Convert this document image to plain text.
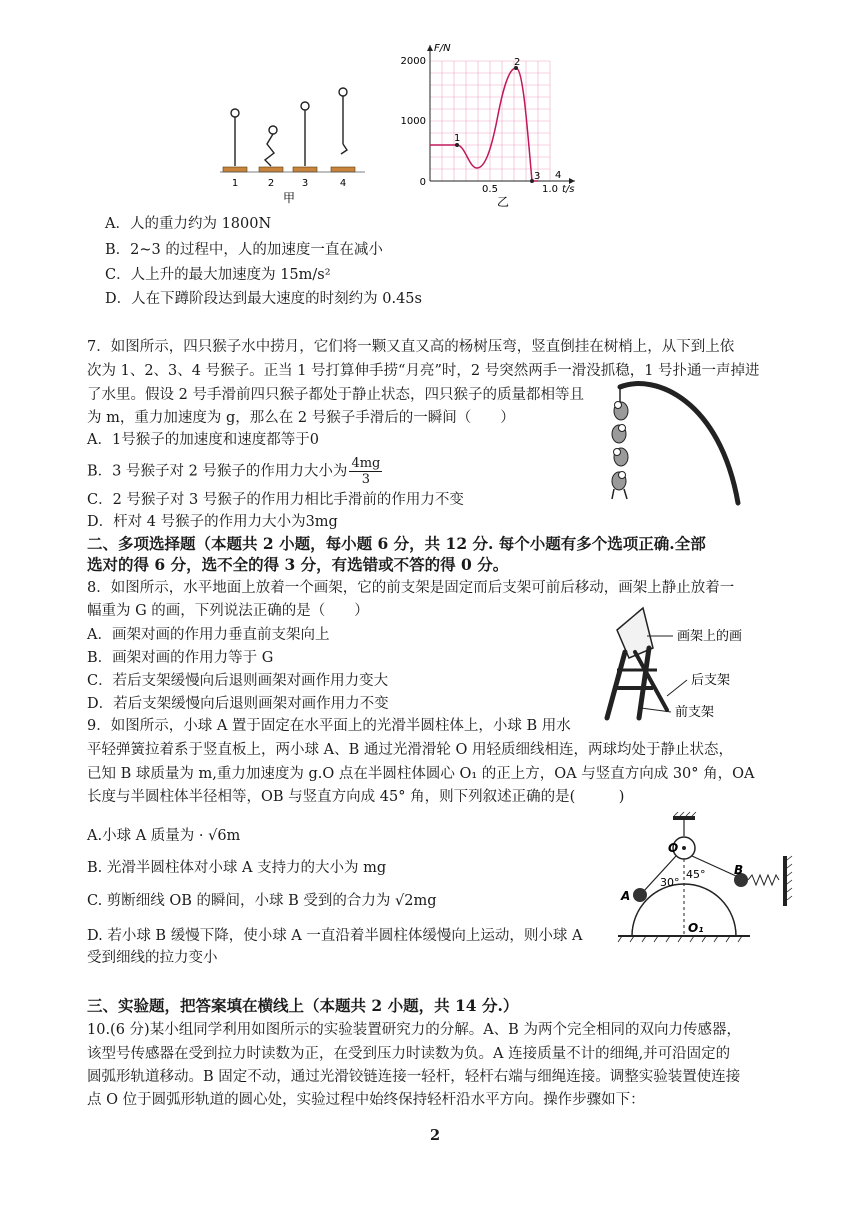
1	2	3	4
甲
F/N
2000
1000
0
0.5	1.0 t/s
1
2
3 4
乙
A．人的重力约为 1800N
B．2~3 的过程中，人的加速度一直在减小
C．人上升的最大加速度为 15m/s²
D．人在下蹲阶段达到最大速度的时刻约为 0.45s
7．如图所示，四只猴子水中捞月，它们将一颗又直又高的杨树压弯，竖直倒挂在树梢上，从下到上依
次为 1、2、3、4 号猴子。正当 1 号打算伸手捞“月亮”时，2 号突然两手一滑没抓稳，1 号扑通一声掉进
了水里。假设 2 号手滑前四只猴子都处于静止状态，四只猴子的质量都相等且
为 m，重力加速度为 g，那么在 2 号猴子手滑后的一瞬间（　　）
A．1号猴子的加速度和速度都等于0
B．3 号猴子对 2 号猴子的作用力大小为 $\frac{4mg}{3}$
C．2 号猴子对 3 号猴子的作用力相比手滑前的作用力不变
D．杆对 4 号猴子的作用力大小为3mg
二、多项选择题（本题共 2 小题，每小题 6 分，共 12 分. 每个小题有多个选项正确.全部
选对的得 6 分，选不全的得 3 分，有选错或不答的得 0 分。
8．如图所示，水平地面上放着一个画架，它的前支架是固定而后支架可前后移动，画架上静止放着一
幅重为 G 的画，下列说法正确的是（　　）
A．画架对画的作用力垂直前支架向上
B．画架对画的作用力等于 G
C．若后支架缓慢向后退则画架对画作用力变大
D．若后支架缓慢向后退则画架对画作用力不变
画架上的画
后支架
前支架
9．如图所示，小球 A 置于固定在水平面上的光滑半圆柱体上，小球 B 用水
平轻弹簧拉着系于竖直板上，两小球 A、B 通过光滑滑轮 O 用轻质细线相连，两球均处于静止状态，
已知 B 球质量为 m,重力加速度为 g.O 点在半圆柱体圆心 O₁ 的正上方，OA 与竖直方向成 30° 角，OA
长度与半圆柱体半径相等，OB 与竖直方向成 45° 角，则下列叙述正确的是(　　　)
A.小球 A 质量为 · √6m
B. 光滑半圆柱体对小球 A 支持力的大小为 mg
C. 剪断细线 OB 的瞬间，小球 B 受到的合力为 √2mg
D. 若小球 B 缓慢下降，使小球 A 一直沿着半圆柱体缓慢向上运动，则小球 A
受到细线的拉力变小
O
30°
45°
A
B
O₁
三、实验题，把答案填在横线上（本题共 2 小题，共 14 分.）
10.(6 分)某小组同学利用如图所示的实验装置研究力的分解。A、B 为两个完全相同的双向力传感器，
该型号传感器在受到拉力时读数为正，在受到压力时读数为负。A 连接质量不计的细绳,并可沿固定的
圆弧形轨道移动。B 固定不动，通过光滑铰链连接一轻杆，轻杆右端与细绳连接。调整实验装置使连接
点 O 位于圆弧形轨道的圆心处，实验过程中始终保持轻杆沿水平方向。操作步骤如下：
2
